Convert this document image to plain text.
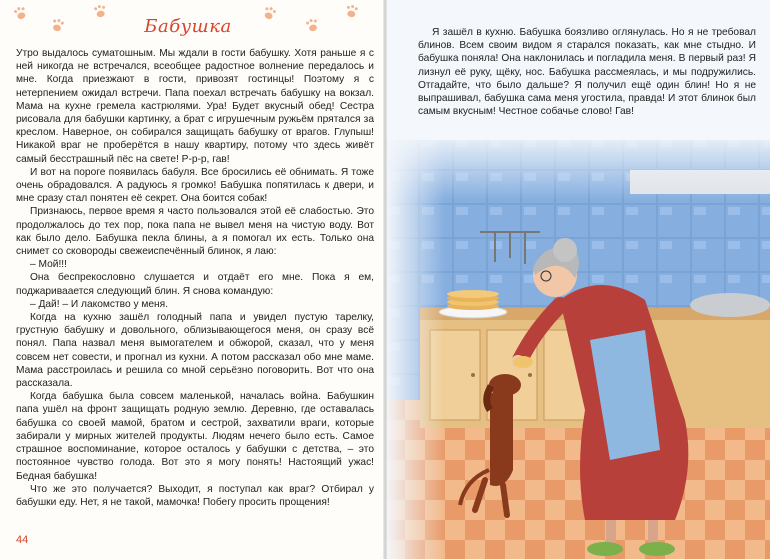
Бабушка

Утро выдалось суматошным. Мы ждали в гости бабушку. Хотя раньше я с ней никогда не встречался, всеобщее радостное волнение передалось и мне. Когда приезжают в гости, привозят гостинцы! Поэтому я с нетерпением ожидал встречи. Папа поехал встречать бабушку на вокзал. Мама на кухне гремела кастрюлями. Ура! Будет вкусный обед! Сестра рисовала для бабушки картинку, а брат с игрушечным ружьём прятался за креслом. Наверное, он собирался защищать бабушку от врагов. Глупыш! Никакой враг не проберётся в нашу квартиру, потому что здесь живёт самый бесстрашный пёс на свете! Р-р-р, гав!

И вот на пороге появилась бабуля. Все бросились её обнимать. Я тоже очень обрадовался. А радуюсь я громко! Бабушка попятилась к двери, и мне сразу стал понятен её секрет. Она боится собак!

Признаюсь, первое время я часто пользовался этой её слабостью. Это продолжалось до тех пор, пока папа не вывел меня на чистую воду. Вот как было дело. Бабушка пекла блины, а я помогал их есть. Только она снимет со сковороды свежеиспечённый блинок, я лаю:

– Мой!!!

Она беспрекословно слушается и отдаёт его мне. Пока я ем, поджариваается следующий блин. Я снова командую:

– Дай! – И лакомство у меня.

Когда на кухню зашёл голодный папа и увидел пустую тарелку, грустную бабушку и довольного, облизывающегося меня, он сразу всё понял. Папа назвал меня вымогателем и обжорой, сказал, что у меня совсем нет совести, и прогнал из кухни. А потом рассказал обо мне маме. Мама расстроилась и решила со мной серьёзно поговорить. Вот что она рассказала.

Когда бабушка была совсем маленькой, началась война. Бабушкин папа ушёл на фронт защищать родную землю. Деревню, где оставалась бабушка со своей мамой, братом и сестрой, захватили враги, которые забирали у мирных жителей продукты. Людям нечего было есть. Самое страшное воспоминание, которое осталось у бабушки с детства, – это постоянное чувство голода. Вот это я могу понять! Настоящий ужас! Бедная бабушка!

Что же это получается? Выходит, я поступал как враг? Отбирал у бабушки еду. Нет, я не такой, мамочка! Побегу просить прощения!

44

Я зашёл в кухню. Бабушка боязливо оглянулась. Но я не требовал блинов. Всем своим видом я старался показать, как мне стыдно. И бабушка поняла! Она наклонилась и погладила меня. В первый раз! Я лизнул её руку, щёку, нос. Бабушка рассмеялась, и мы подружились. Отгадайте, что было дальше? Я получил ещё один блин! Но я не выпрашивал, бабушка сама меня угостила, правда! И этот блинок был самым вкусным! Честное собачье слово! Гав!
